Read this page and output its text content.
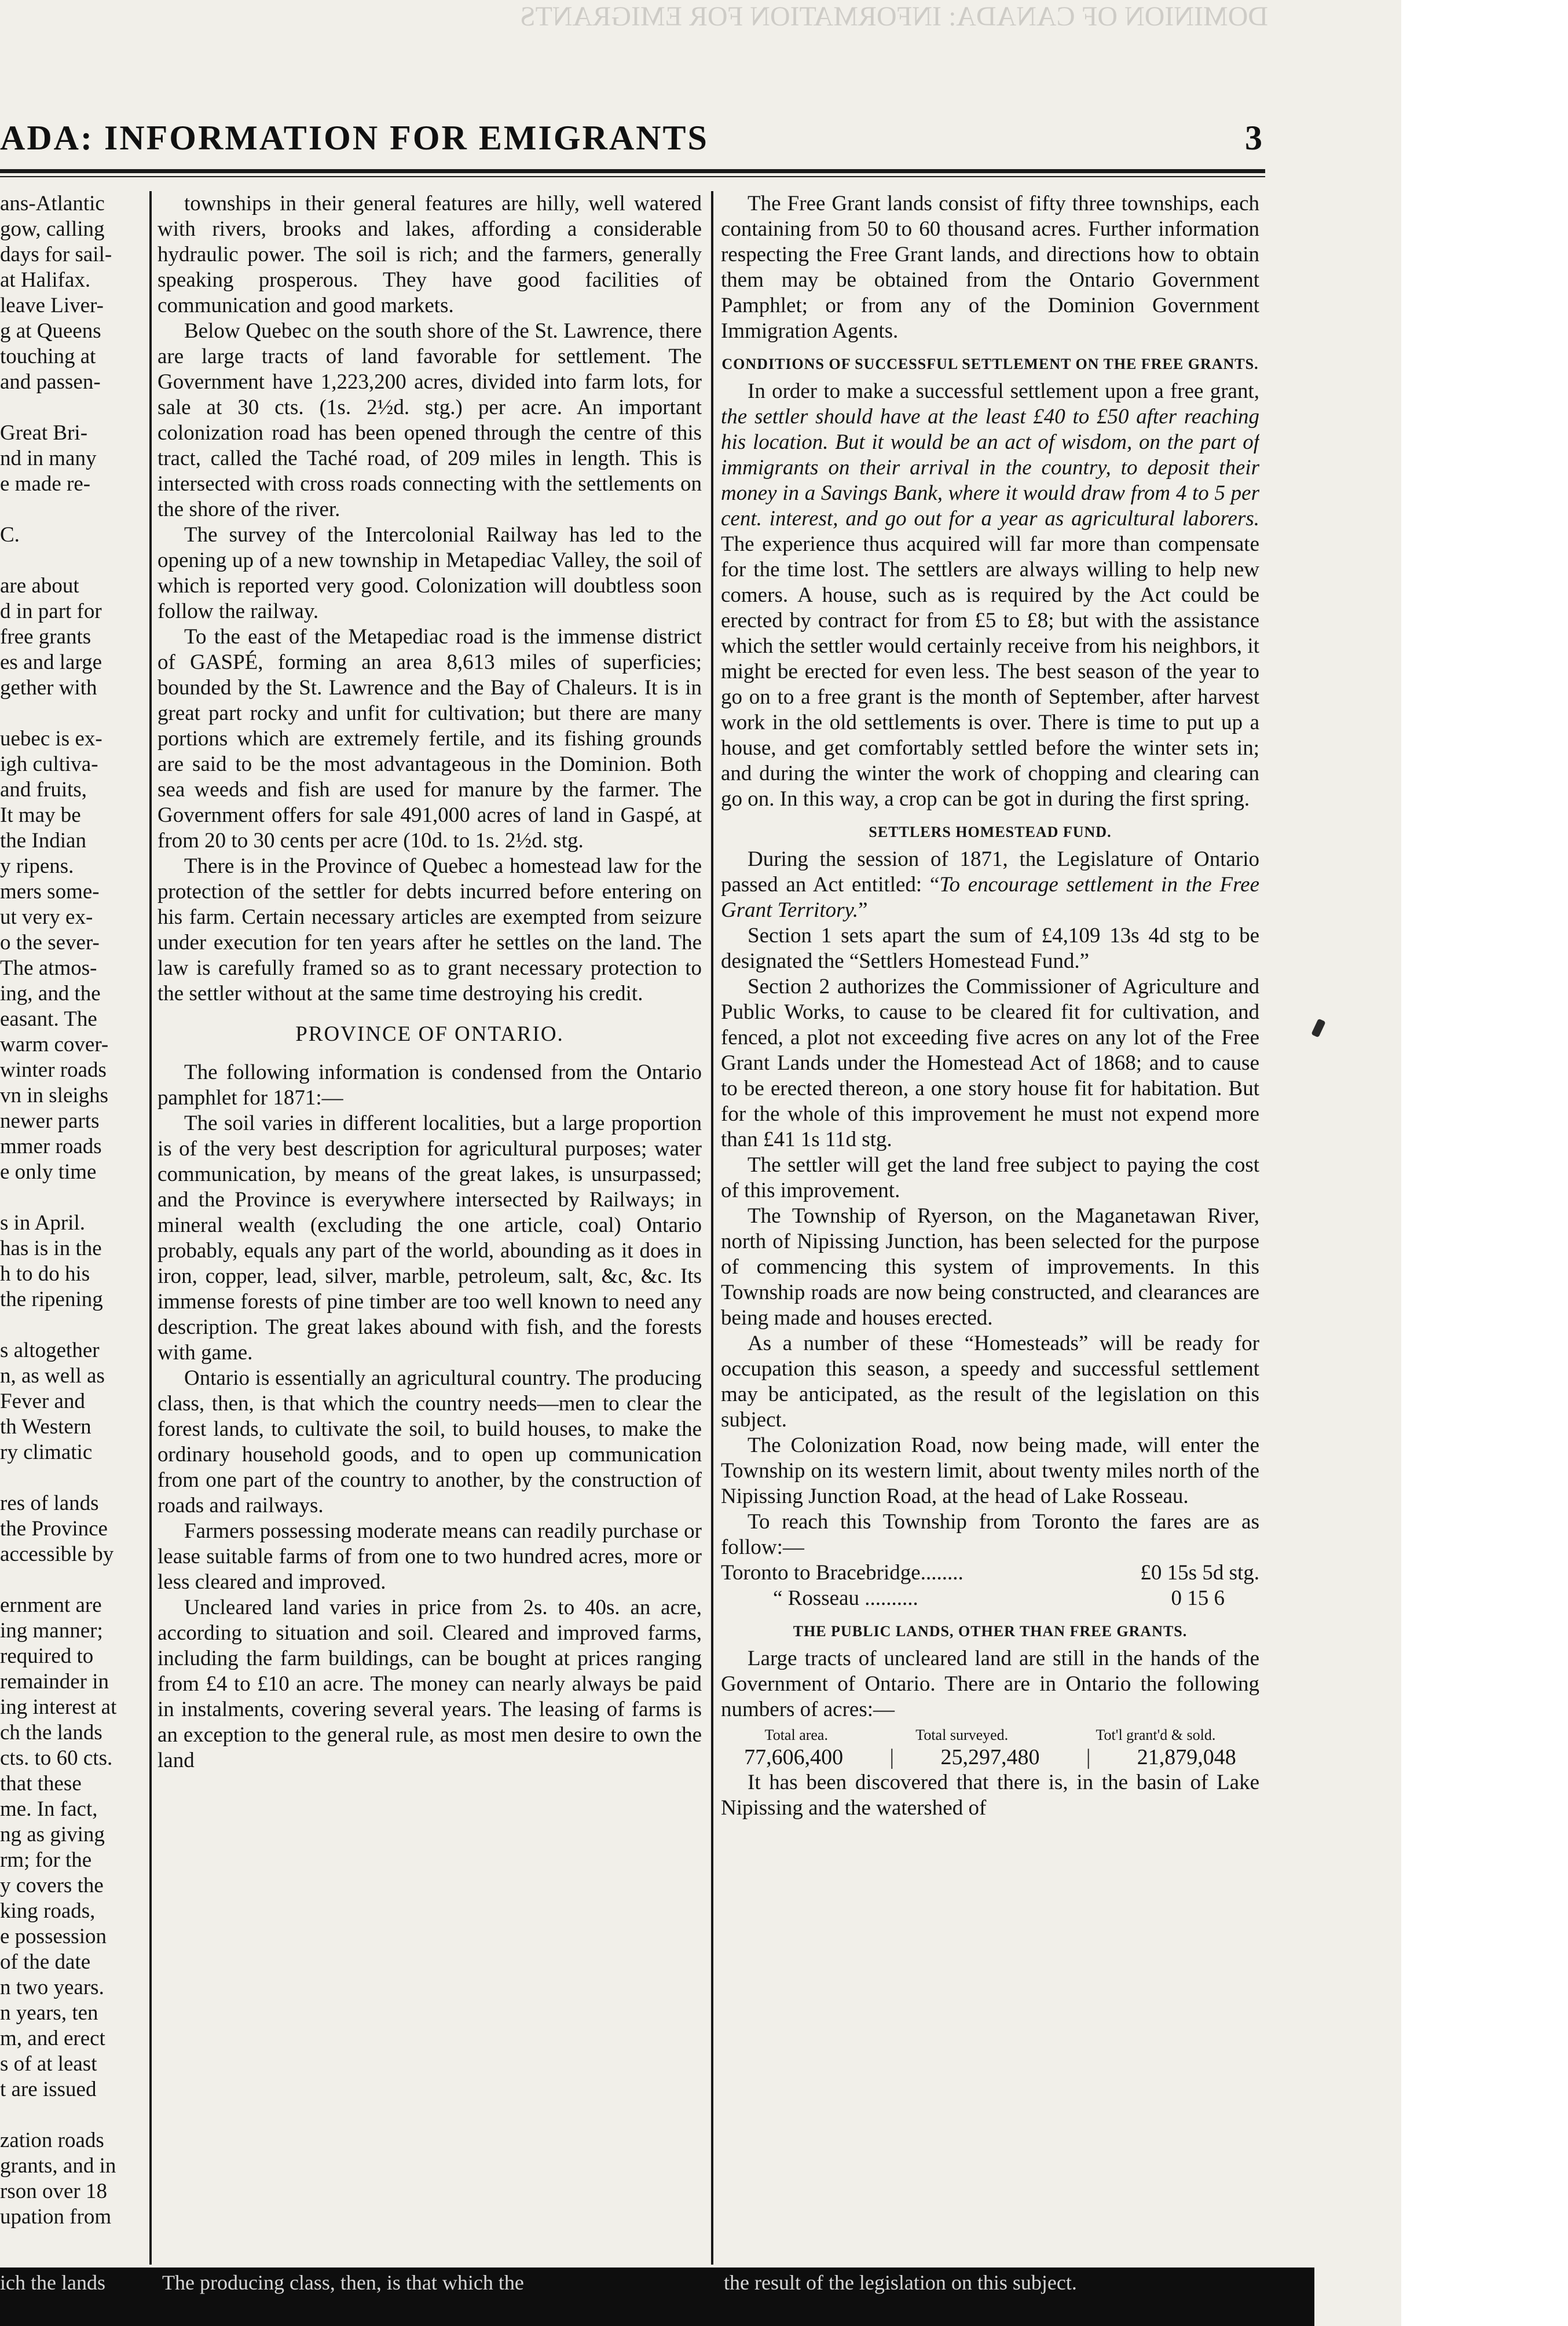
DOMINION OF CANADA: INFORMATION FOR EMIGRANTS
ADA: INFORMATION FOR EMIGRANTS	3
ans-Atlantic
gow, calling
days for sail-
at Halifax.
leave Liver-
g at Queens
touching at
and passen-
Great Bri-
nd in many
e made re-
C.
are about
d in part for
free grants
es and large
gether with
uebec is ex-
igh cultiva-
and fruits,
It may be
the Indian
y ripens.
mers some-
ut very ex-
o the sever-
The atmos-
ing, and the
easant. The
warm cover-
winter roads
vn in sleighs
newer parts
mmer roads
e only time
s in April.
has is in the
h to do his
the ripening
s altogether
n, as well as
Fever and
th Western
ry climatic
res of lands
the Province
accessible by
ernment are
ing manner;
required to
remainder in
ing interest at
ch the lands
cts. to 60 cts.
that these
me. In fact,
ng as giving
rm; for the
y covers the
king roads,
e possession
of the date
n two years.
n years, ten
m, and erect
s of at least
t are issued
zation roads
grants, and in
rson over 18
upation from

townships in their general features are hilly, well watered with rivers, brooks and lakes, affording a considerable hydraulic power. The soil is rich; and the farmers, generally speaking prosperous. They have good facilities of communication and good markets.

Below Quebec on the south shore of the St. Lawrence, there are large tracts of land favorable for settlement. The Government have 1,223,200 acres, divided into farm lots, for sale at 30 cts. (1s. 2½d. stg.) per acre. An important colonization road has been opened through the centre of this tract, called the Taché road, of 209 miles in length. This is intersected with cross roads connecting with the settlements on the shore of the river.

The survey of the Intercolonial Railway has led to the opening up of a new township in Metapediac Valley, the soil of which is reported very good. Colonization will doubtless soon follow the railway.

To the east of the Metapediac road is the immense district of GASPÉ, forming an area 8,613 miles of superficies; bounded by the St. Lawrence and the Bay of Chaleurs. It is in great part rocky and unfit for cultivation; but there are many portions which are extremely fertile, and its fishing grounds are said to be the most advantageous in the Dominion. Both sea weeds and fish are used for manure by the farmer. The Government offers for sale 491,000 acres of land in Gaspé, at from 20 to 30 cents per acre (10d. to 1s. 2½d. stg.

There is in the Province of Quebec a homestead law for the protection of the settler for debts incurred before entering on his farm. Certain necessary articles are exempted from seizure under execution for ten years after he settles on the land. The law is carefully framed so as to grant necessary protection to the settler without at the same time destroying his credit.

PROVINCE OF ONTARIO.

The following information is condensed from the Ontario pamphlet for 1871:—

The soil varies in different localities, but a large proportion is of the very best description for agricultural purposes; water communication, by means of the great lakes, is unsurpassed; and the Province is everywhere intersected by Railways; in mineral wealth (excluding the one article, coal) Ontario probably, equals any part of the world, abounding as it does in iron, copper, lead, silver, marble, petroleum, salt, &c, &c. Its immense forests of pine timber are too well known to need any description. The great lakes abound with fish, and the forests with game.

Ontario is essentially an agricultural country. The producing class, then, is that which the country needs—men to clear the forest lands, to cultivate the soil, to build houses, to make the ordinary household goods, and to open up communication from one part of the country to another, by the construction of roads and railways.

Farmers possessing moderate means can readily purchase or lease suitable farms of from one to two hundred acres, more or less cleared and improved.

Uncleared land varies in price from 2s. to 40s. an acre, according to situation and soil. Cleared and improved farms, including the farm buildings, can be bought at prices ranging from £4 to £10 an acre. The money can nearly always be paid in instalments, covering several years. The leasing of farms is an exception to the general rule, as most men desire to own the land

The Free Grant lands consist of fifty three townships, each containing from 50 to 60 thousand acres. Further information respecting the Free Grant lands, and directions how to obtain them may be obtained from the Ontario Government Pamphlet; or from any of the Dominion Government Immigration Agents.

CONDITIONS OF SUCCESSFUL SETTLEMENT ON THE FREE GRANTS.

In order to make a successful settlement upon a free grant, the settler should have at the least £40 to £50 after reaching his location. But it would be an act of wisdom, on the part of immigrants on their arrival in the country, to deposit their money in a Savings Bank, where it would draw from 4 to 5 per cent. interest, and go out for a year as agricultural laborers. The experience thus acquired will far more than compensate for the time lost. The settlers are always willing to help new comers. A house, such as is required by the Act could be erected by contract for from £5 to £8; but with the assistance which the settler would certainly receive from his neighbors, it might be erected for even less. The best season of the year to go on to a free grant is the month of September, after harvest work in the old settlements is over. There is time to put up a house, and get comfortably settled before the winter sets in; and during the winter the work of chopping and clearing can go on. In this way, a crop can be got in during the first spring.

SETTLERS HOMESTEAD FUND.

During the session of 1871, the Legislature of Ontario passed an Act entitled: “To encourage settlement in the Free Grant Territory.”

Section 1 sets apart the sum of £4,109 13s 4d stg to be designated the “Settlers Homestead Fund.”

Section 2 authorizes the Commissioner of Agriculture and Public Works, to cause to be cleared fit for cultivation, and fenced, a plot not exceeding five acres on any lot of the Free Grant Lands under the Homestead Act of 1868; and to cause to be erected thereon, a one story house fit for habitation. But for the whole of this improvement he must not expend more than £41 1s 11d stg.

The settler will get the land free subject to paying the cost of this improvement.

The Township of Ryerson, on the Maganetawan River, north of Nipissing Junction, has been selected for the purpose of commencing this system of improvements. In this Township roads are now being constructed, and clearances are being made and houses erected.

As a number of these “Homesteads” will be ready for occupation this season, a speedy and successful settlement may be anticipated, as the result of the legislation on this subject.

The Colonization Road, now being made, will enter the Township on its western limit, about twenty miles north of the Nipissing Junction Road, at the head of Lake Rosseau.

To reach this Township from Toronto the fares are as follow:—

Toronto to Bracebridge........	£0 15s 5d stg.
“ Rosseau ..........	0 15 6

THE PUBLIC LANDS, OTHER THAN FREE GRANTS.

Large tracts of uncleared land are still in the hands of the Government of Ontario. There are in Ontario the following numbers of acres:—

Total area.	Total surveyed.	Tot'l grant'd & sold.
77,606,400 | 25,297,480 | 21,879,048

It has been discovered that there is, in the basin of Lake Nipissing and the watershed of

ich the lands	The producing class, then, is that which the	the result of the legislation on this subject.
